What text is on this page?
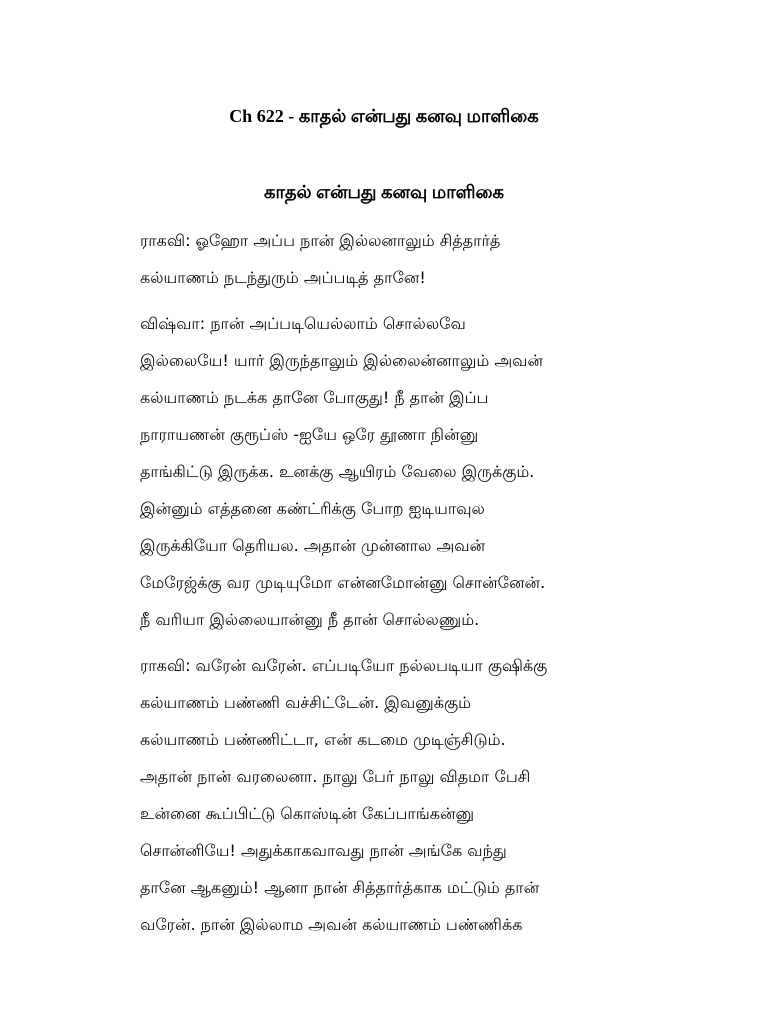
Ch 622 - காதல் என்பது கனவு மாளிகை
காதல் என்பது கனவு மாளிகை

ராகவி: ஓஹோ அப்ப நான் இல்லனாலும் சித்தார்த்
கல்யாணம் நடந்துரும் அப்படித் தானே!

விஷ்வா: நான் அப்படியெல்லாம் சொல்லவே
இல்லையே! யார் இருந்தாலும் இல்லைன்னாலும் அவன்
கல்யாணம் நடக்க தானே போகுது! நீ தான் இப்ப
நாராயணன் குரூப்ஸ் -ஐயே ஒரே தூணா நின்னு
தாங்கிட்டு இருக்க. உனக்கு ஆயிரம் வேலை இருக்கும்.
இன்னும் எத்தனை கண்ட்ரிக்கு போற ஐடியாவுல
இருக்கியோ தெரியல. அதான் முன்னால அவன்
மேரேஜ்க்கு வர முடியுமோ என்னமோன்னு சொன்னேன்.
நீ வரியா இல்லையான்னு நீ தான் சொல்லணும்.

ராகவி: வரேன் வரேன். எப்படியோ நல்லபடியா குஷிக்கு
கல்யாணம் பண்ணி வச்சிட்டேன். இவனுக்கும்
கல்யாணம் பண்ணிட்டா, என் கடமை முடிஞ்சிடும்.
அதான் நான் வரலைனா. நாலு பேர் நாலு விதமா பேசி
உன்னை கூப்பிட்டு கொஸ்டின் கேப்பாங்கன்னு
சொன்னியே! அதுக்காகவாவது நான் அங்கே வந்து
தானே ஆகனும்! ஆனா நான் சித்தார்த்காக மட்டும் தான்
வரேன். நான் இல்லாம அவன் கல்யாணம் பண்ணிக்க
